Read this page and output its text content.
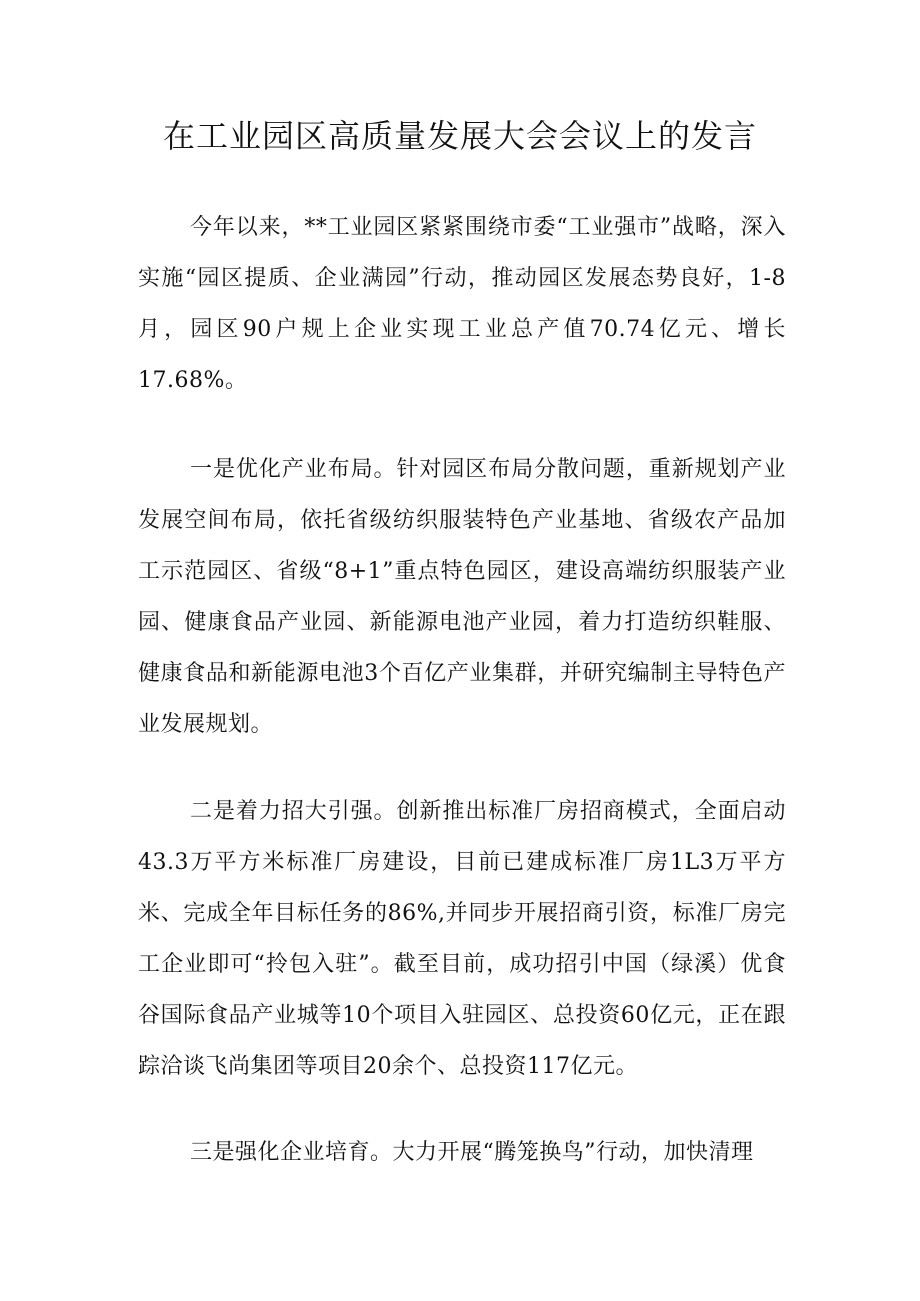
在工业园区高质量发展大会会议上的发言

今年以来，**工业园区紧紧围绕市委“工业强市”战略，深入实施“园区提质、企业满园”行动，推动园区发展态势良好，1-8月，园区90户规上企业实现工业总产值70.74亿元、增长17.68%。

一是优化产业布局。针对园区布局分散问题，重新规划产业发展空间布局，依托省级纺织服装特色产业基地、省级农产品加工示范园区、省级“8+1”重点特色园区，建设高端纺织服装产业园、健康食品产业园、新能源电池产业园，着力打造纺织鞋服、健康食品和新能源电池3个百亿产业集群，并研究编制主导特色产业发展规划。

二是着力招大引强。创新推出标准厂房招商模式，全面启动43.3万平方米标准厂房建设，目前已建成标准厂房1L3万平方米、完成全年目标任务的86%,并同步开展招商引资，标准厂房完工企业即可“拎包入驻”。截至目前，成功招引中国（绿溪）优食谷国际食品产业城等10个项目入驻园区、总投资60亿元，正在跟踪洽谈飞尚集团等项目20余个、总投资117亿元。

三是强化企业培育。大力开展“腾笼换鸟”行动，加快清理
